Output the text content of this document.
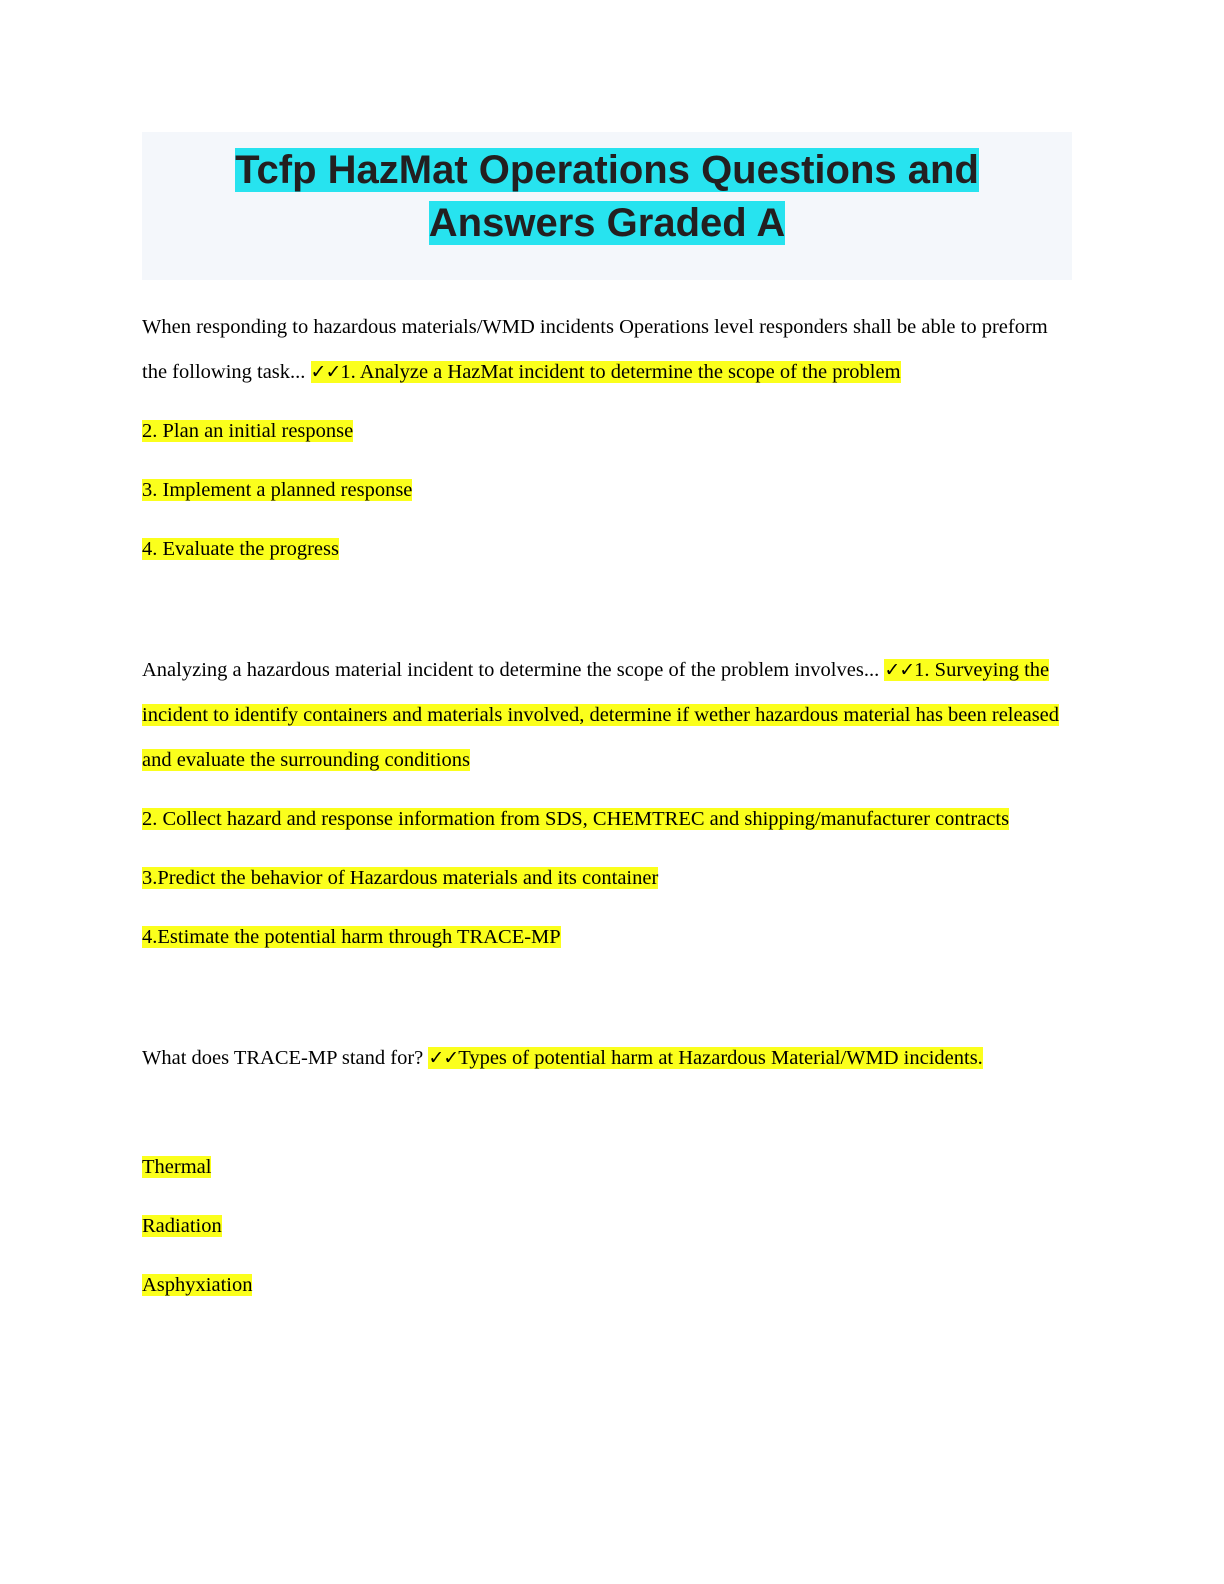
Tcfp HazMat Operations Questions and
Answers Graded A

When responding to hazardous materials/WMD incidents Operations level responders shall be able to preform the following task... ✓✓1. Analyze a HazMat incident to determine the scope of the problem

2. Plan an initial response

3. Implement a planned response

4. Evaluate the progress

Analyzing a hazardous material incident to determine the scope of the problem involves... ✓✓1. Surveying the incident to identify containers and materials involved, determine if wether hazardous material has been released and evaluate the surrounding conditions

2. Collect hazard and response information from SDS, CHEMTREC and shipping/manufacturer contracts

3.Predict the behavior of Hazardous materials and its container

4.Estimate the potential harm through TRACE-MP

What does TRACE-MP stand for? ✓✓Types of potential harm at Hazardous Material/WMD incidents.

Thermal

Radiation

Asphyxiation
